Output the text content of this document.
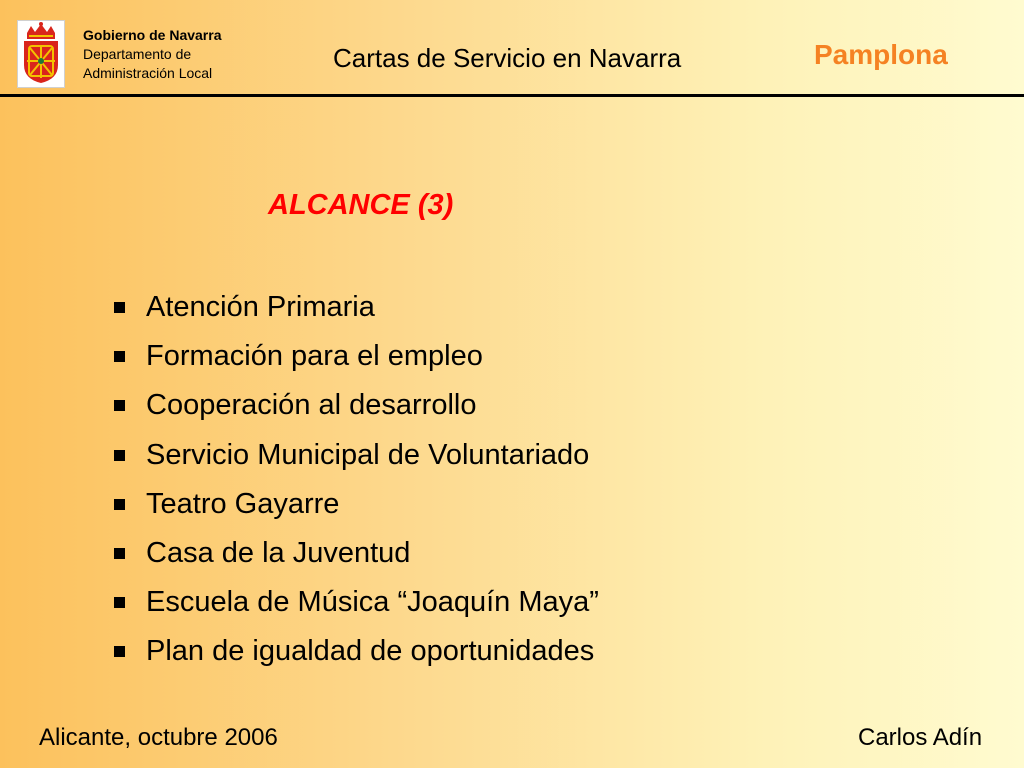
Gobierno de Navarra
Departamento de
Administración Local	Cartas de Servicio en Navarra	Pamplona
ALCANCE (3)
Atención Primaria
Formación para el empleo
Cooperación al desarrollo
Servicio Municipal de Voluntariado
Teatro Gayarre
Casa de la Juventud
Escuela de Música “Joaquín Maya”
Plan de igualdad de oportunidades
Alicante, octubre 2006	Carlos Adín
